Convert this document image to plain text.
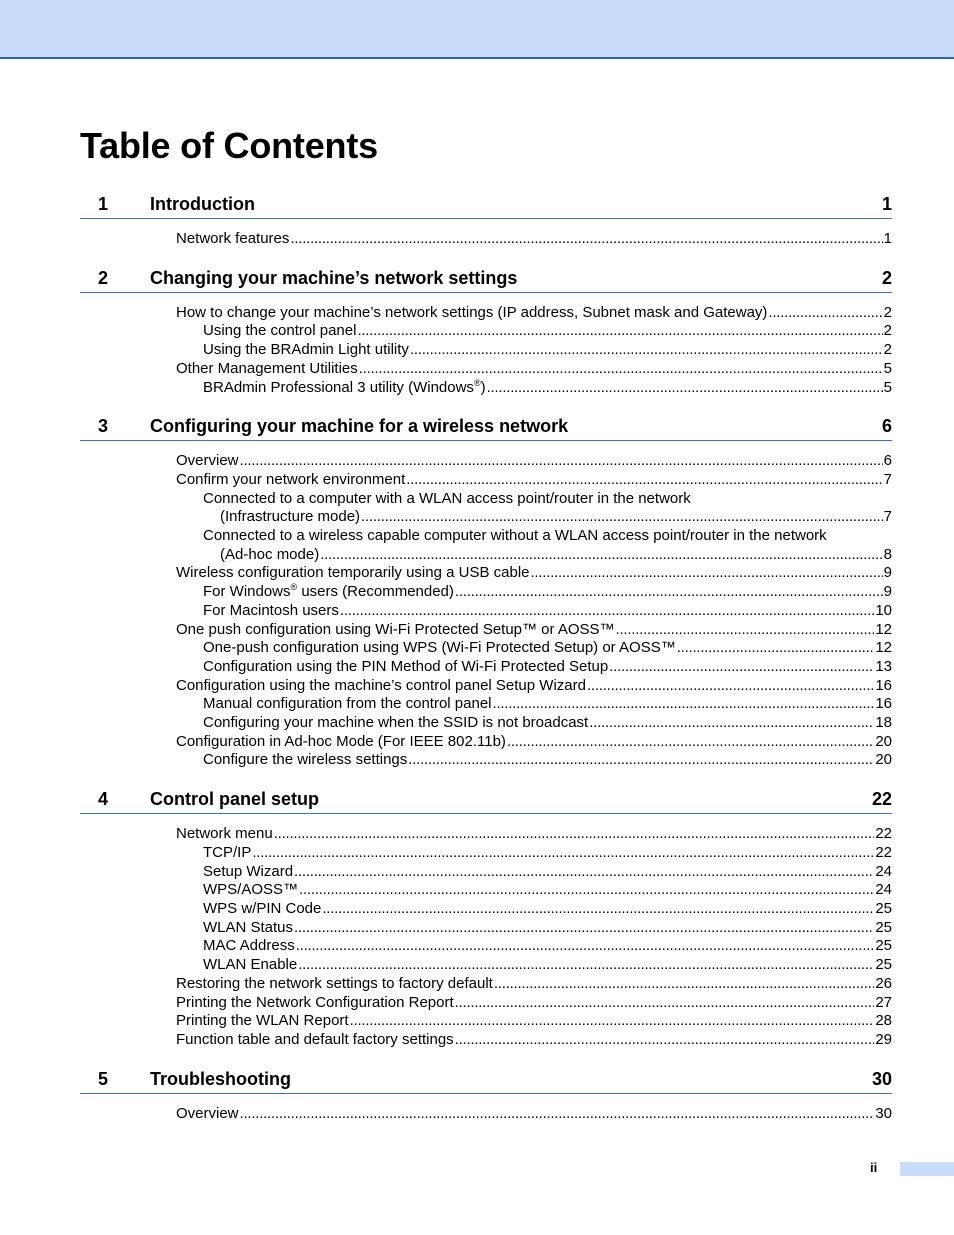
Table of Contents
1	Introduction	1
Network features . . .	1
2	Changing your machine’s network settings	2
How to change your machine’s network settings (IP address, Subnet mask and Gateway) . . .	2
Using the control panel . . .	2
Using the BRAdmin Light utility . . .	2
Other Management Utilities . . .	5
BRAdmin Professional 3 utility (Windows®) . . .	5
3	Configuring your machine for a wireless network	6
Overview . . .	6
Confirm your network environment . . .	7
Connected to a computer with a WLAN access point/router in the network
(Infrastructure mode) . . .	7
Connected to a wireless capable computer without a WLAN access point/router in the network
(Ad-hoc mode) . . .	8
Wireless configuration temporarily using a USB cable . . .	9
For Windows® users (Recommended) . . .	9
For Macintosh users . . .	10
One push configuration using Wi-Fi Protected Setup™ or AOSS™ . . .	12
One-push configuration using WPS (Wi-Fi Protected Setup) or AOSS™ . . .	12
Configuration using the PIN Method of Wi-Fi Protected Setup . . .	13
Configuration using the machine’s control panel Setup Wizard . . .	16
Manual configuration from the control panel . . .	16
Configuring your machine when the SSID is not broadcast . . .	18
Configuration in Ad-hoc Mode (For IEEE 802.11b) . . .	20
Configure the wireless settings . . .	20
4	Control panel setup	22
Network menu . . .	22
TCP/IP . . .	22
Setup Wizard . . .	24
WPS/AOSS™ . . .	24
WPS w/PIN Code . . .	25
WLAN Status . . .	25
MAC Address . . .	25
WLAN Enable . . .	25
Restoring the network settings to factory default . . .	26
Printing the Network Configuration Report . . .	27
Printing the WLAN Report . . .	28
Function table and default factory settings . . .	29
5	Troubleshooting	30
Overview . . .	30
ii
